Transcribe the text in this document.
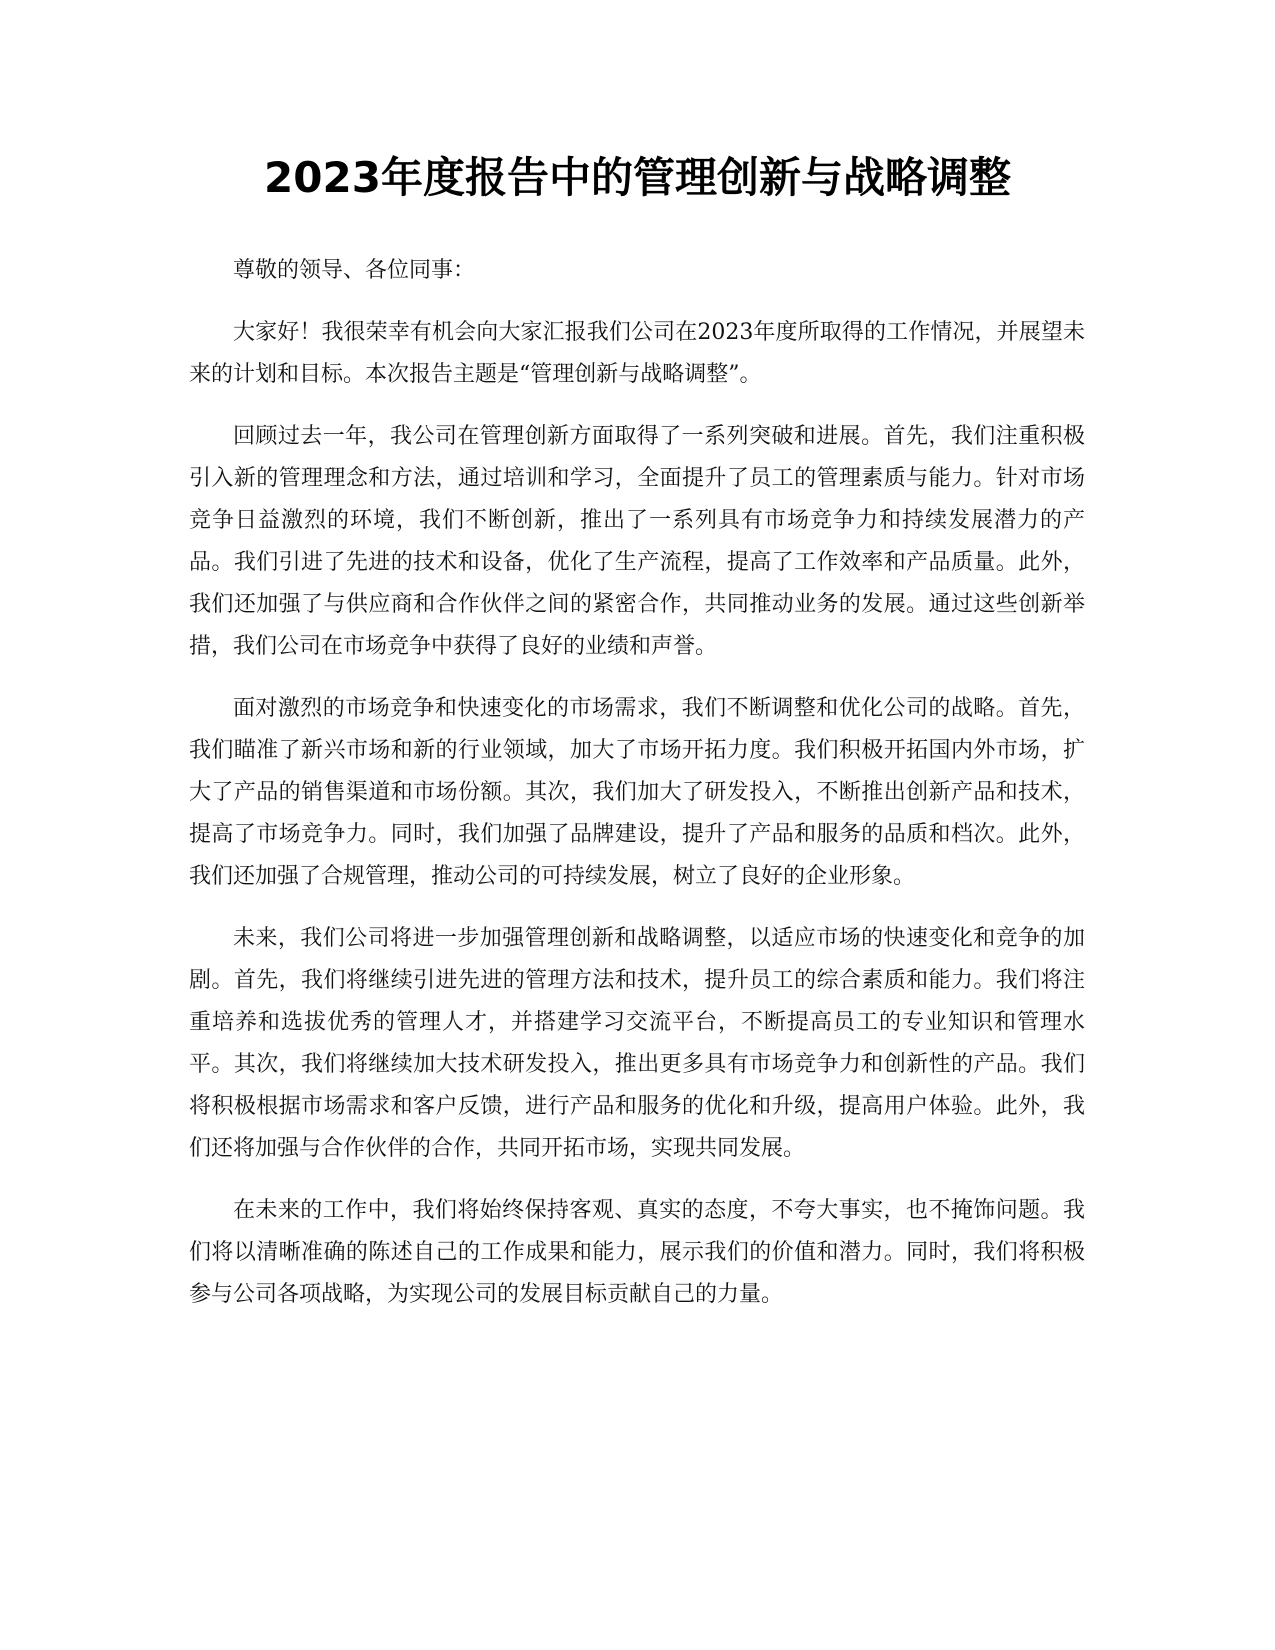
2023年度报告中的管理创新与战略调整

尊敬的领导、各位同事：

大家好！我很荣幸有机会向大家汇报我们公司在2023年度所取得的工作情况，并展望未来的计划和目标。本次报告主题是“管理创新与战略调整”。

回顾过去一年，我公司在管理创新方面取得了一系列突破和进展。首先，我们注重积极引入新的管理理念和方法，通过培训和学习，全面提升了员工的管理素质与能力。针对市场竞争日益激烈的环境，我们不断创新，推出了一系列具有市场竞争力和持续发展潜力的产品。我们引进了先进的技术和设备，优化了生产流程，提高了工作效率和产品质量。此外，我们还加强了与供应商和合作伙伴之间的紧密合作，共同推动业务的发展。通过这些创新举措，我们公司在市场竞争中获得了良好的业绩和声誉。

面对激烈的市场竞争和快速变化的市场需求，我们不断调整和优化公司的战略。首先，我们瞄准了新兴市场和新的行业领域，加大了市场开拓力度。我们积极开拓国内外市场，扩大了产品的销售渠道和市场份额。其次，我们加大了研发投入，不断推出创新产品和技术，提高了市场竞争力。同时，我们加强了品牌建设，提升了产品和服务的品质和档次。此外，我们还加强了合规管理，推动公司的可持续发展，树立了良好的企业形象。

未来，我们公司将进一步加强管理创新和战略调整，以适应市场的快速变化和竞争的加剧。首先，我们将继续引进先进的管理方法和技术，提升员工的综合素质和能力。我们将注重培养和选拔优秀的管理人才，并搭建学习交流平台，不断提高员工的专业知识和管理水平。其次，我们将继续加大技术研发投入，推出更多具有市场竞争力和创新性的产品。我们将积极根据市场需求和客户反馈，进行产品和服务的优化和升级，提高用户体验。此外，我们还将加强与合作伙伴的合作，共同开拓市场，实现共同发展。

在未来的工作中，我们将始终保持客观、真实的态度，不夸大事实，也不掩饰问题。我们将以清晰准确的陈述自己的工作成果和能力，展示我们的价值和潜力。同时，我们将积极参与公司各项战略，为实现公司的发展目标贡献自己的力量。
